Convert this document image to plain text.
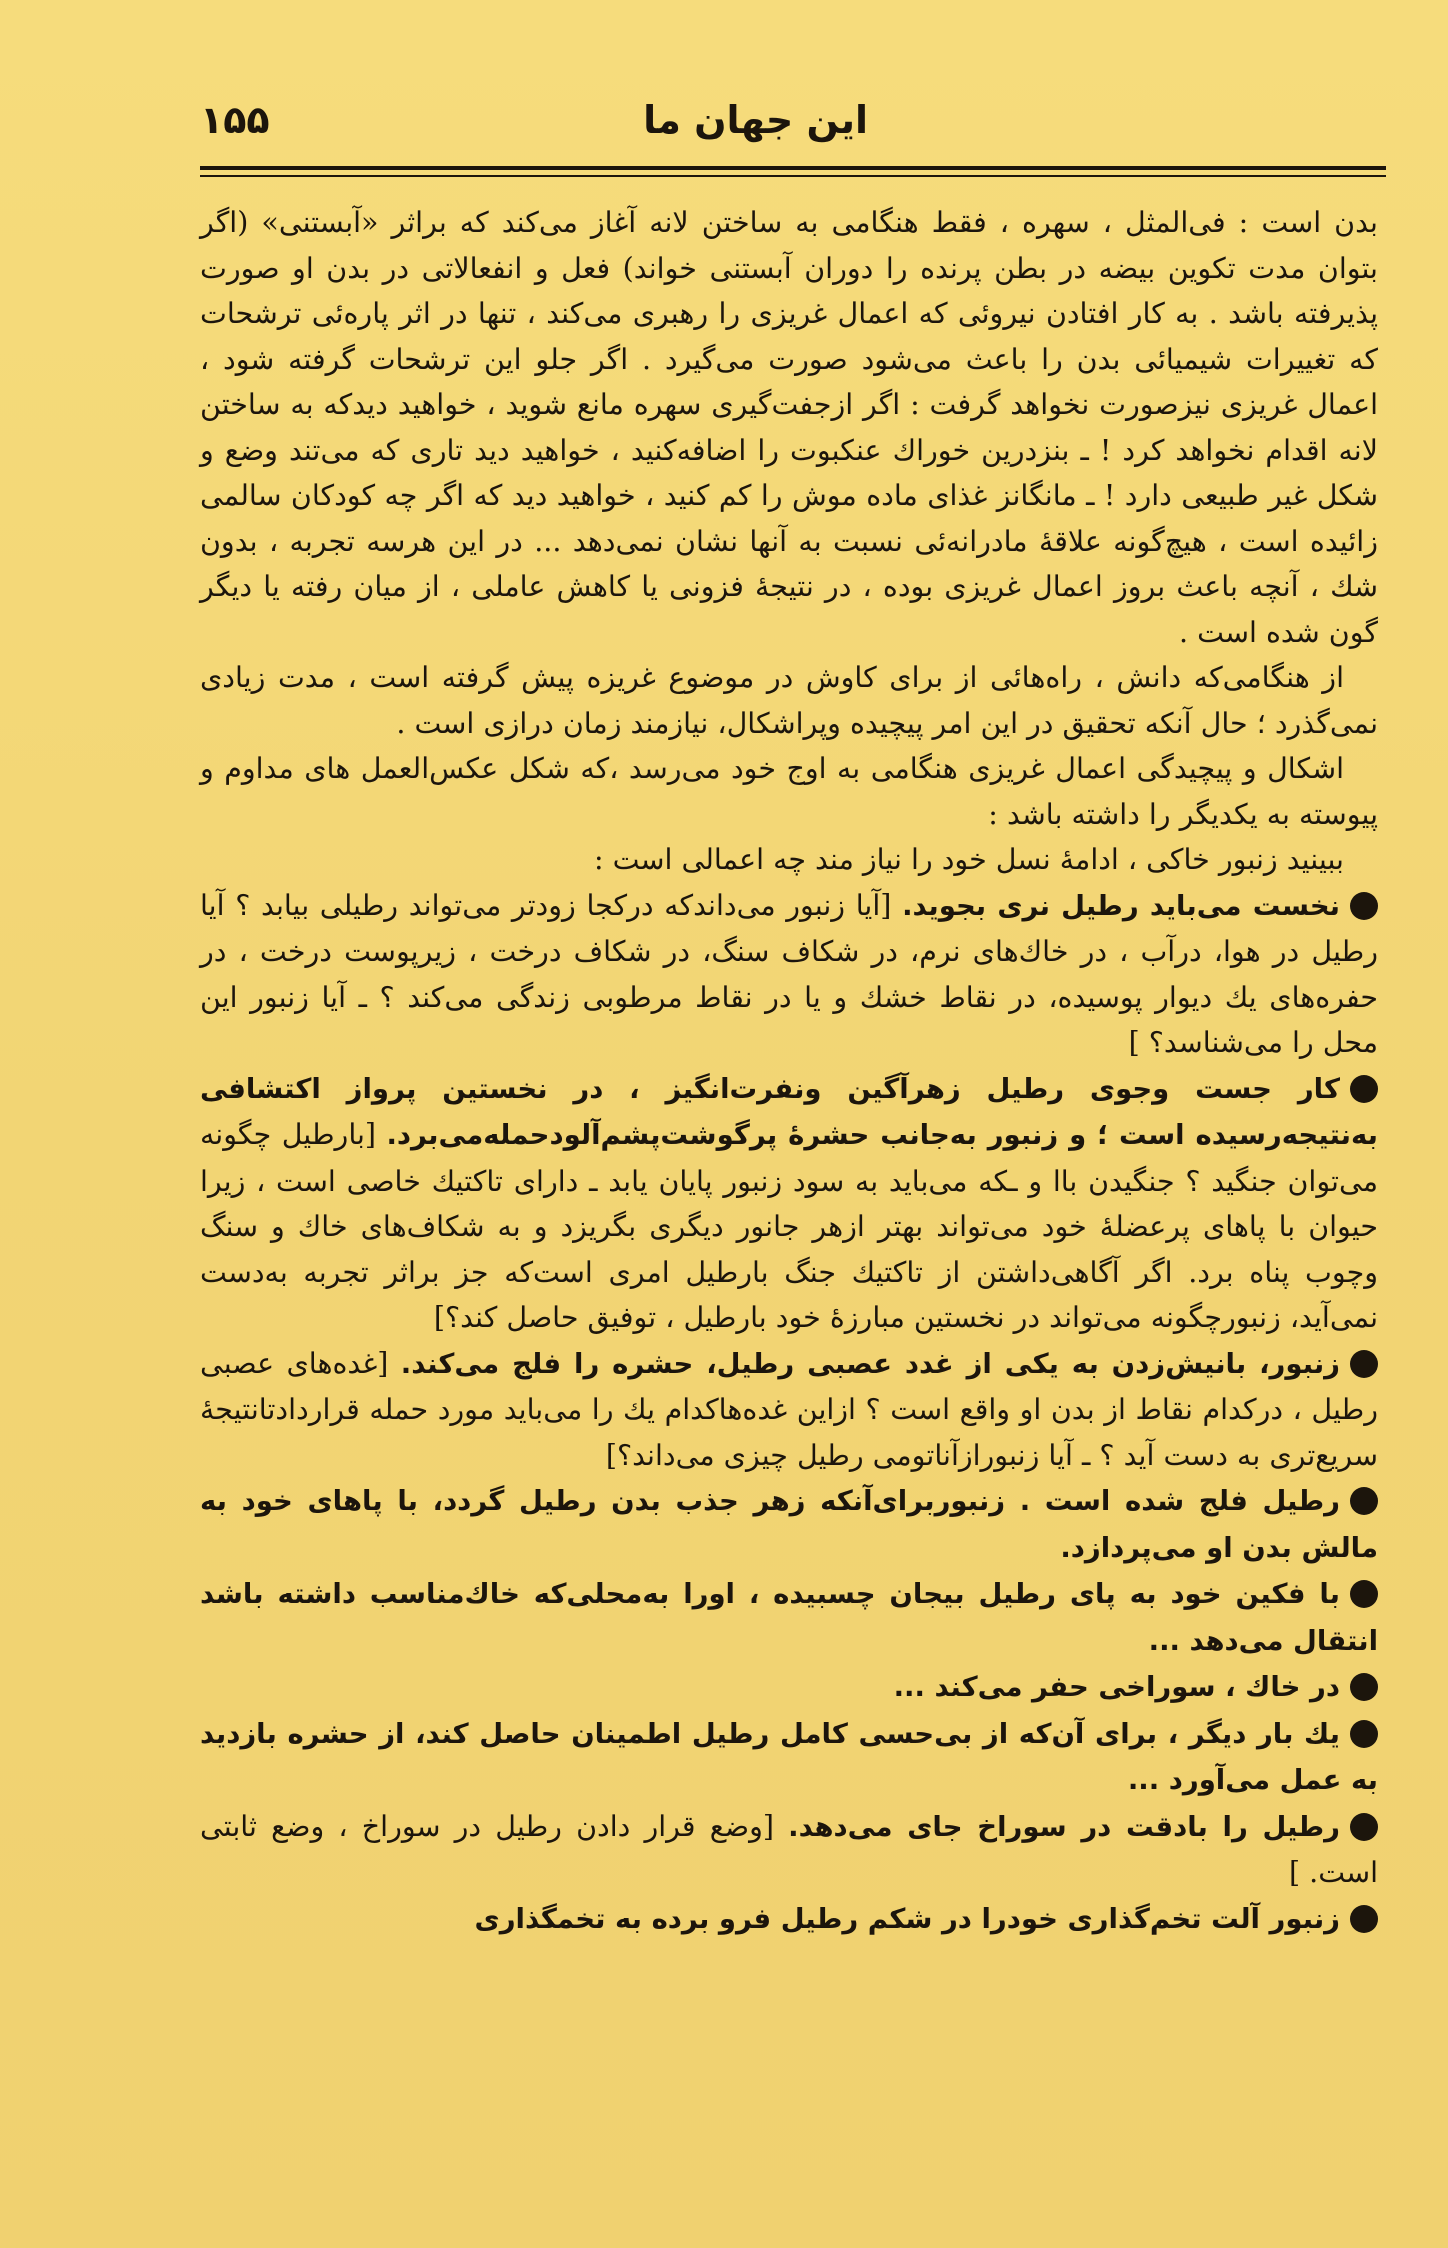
این جهان ما
۱۵۵

بدن است : فی‌المثل ، سهره ، فقط هنگامی به ساختن لانه آغاز می‌کند که براثر «آبستنی» (اگر بتوان مدت تکوین بیضه در بطن پرنده را دوران آبستنی خواند) فعل و انفعالاتی در بدن او صورت پذیرفته باشد . به کار افتادن نیروئی که اعمال غریزی را رهبری می‌کند ، تنها در اثر پاره‌ئی ترشحات که تغییرات شیمیائی بدن را باعث می‌شود صورت می‌گیرد . اگر جلو این ترشحات گرفته شود ، اعمال غریزی نیزصورت نخواهد گرفت : اگر ازجفت‌گیری سهره مانع شوید ، خواهید دیدکه به ساختن لانه اقدام نخواهد کرد ! ـ بنزدرین خوراك عنکبوت را اضافه‌کنید ، خواهید دید تاری که می‌تند وضع و شکل غیر طبیعی دارد ! ـ مانگانز غذای ماده موش را کم کنید ، خواهید دید که اگر چه کودکان سالمی زائیده است ، هیچ‌گونه علاقهٔ مادرانه‌ئی نسبت به آنها نشان نمی‌دهد ... در این هرسه تجربه ، بدون شك ، آنچه باعث بروز اعمال غریزی بوده ، در نتیجهٔ فزونی یا کاهش عاملی ، از میان رفته یا دیگر گون شده است .

از هنگامی‌که دانش ، راه‌هائی از برای کاوش در موضوع غریزه پیش گرفته است ، مدت زیادی نمی‌گذرد ؛ حال آنکه تحقیق در این امر پیچیده وپراشکال، نیازمند زمان درازی است .

اشکال و پیچیدگی اعمال غریزی هنگامی به اوج خود می‌رسد ،که شکل عکس‌العمل های مداوم و پیوسته به یکدیگر را داشته باشد :

ببینید زنبور خاکی ، ادامهٔ نسل خود را نیاز مند چه اعمالی است :

نخست می‌باید رطیل نری بجوید. [آیا زنبور می‌داندکه درکجا زودتر می‌تواند رطیلی بیابد ؟ آیا رطیل در هوا، درآب ، در خاك‌های نرم، در شکاف سنگ، در شکاف درخت ، زیرپوست درخت ، در حفره‌های یك دیوار پوسیده، در نقاط خشك و یا در نقاط مرطوبی زندگی می‌کند ؟ ـ آیا زنبور این محل را می‌شناسد؟ ]

کار جست وجوی رطیل زهرآگین ونفرت‌انگیز ، در نخستین پرواز اکتشافی به‌نتیجه‌رسیده است ؛ و زنبور به‌جانب حشرهٔ پرگوشت‌پشم‌آلودحمله‌می‌برد. [بارطیل چگونه می‌توان جنگید ؟ جنگیدن باا و ـکه می‌باید به سود زنبور پایان یابد ـ دارای تاکتیك خاصی است ، زیرا حیوان با پاهای پرعضلهٔ خود می‌تواند بهتر ازهر جانور دیگری بگریزد و به شکاف‌های خاك و سنگ وچوب پناه برد. اگر آگاهی‌داشتن از تاکتیك جنگ بارطیل امری است‌که جز براثر تجربه به‌دست نمی‌آید، زنبورچگونه می‌تواند در نخستین مبارزهٔ خود بارطیل ، توفیق حاصل کند؟]

زنبور، بانیش‌زدن به یکی از غدد عصبی رطیل، حشره را فلج می‌کند. [غده‌های عصبی رطیل ، درکدام نقاط از بدن او واقع است ؟ ازاین غده‌هاکدام یك را می‌باید مورد حمله قرارداد‌تانتیجهٔ سریع‌تری به دست آید ؟ ـ آیا زنبورازآناتومی رطیل چیزی می‌داند؟]

رطیل فلج شده است . زنبوربرای‌آنکه زهر جذب بدن رطیل گردد، با پاهای خود به مالش بدن او می‌پردازد.

با فکین خود به پای رطیل بیجان چسبیده ، اورا به‌محلی‌که خاك‌مناسب داشته باشد انتقال می‌دهد ...

در خاك ، سوراخی حفر می‌کند ...

یك بار دیگر ، برای آن‌که از بی‌حسی کامل رطیل اطمینان حاصل کند، از حشره بازدید به عمل می‌آورد ...

رطیل را بادقت در سوراخ جای می‌دهد. [وضع قرار دادن رطیل در سوراخ ، وضع ثابتی است. ]

زنبور آلت تخم‌گذاری خودرا در شکم رطیل فرو برده به تخمگذاری
